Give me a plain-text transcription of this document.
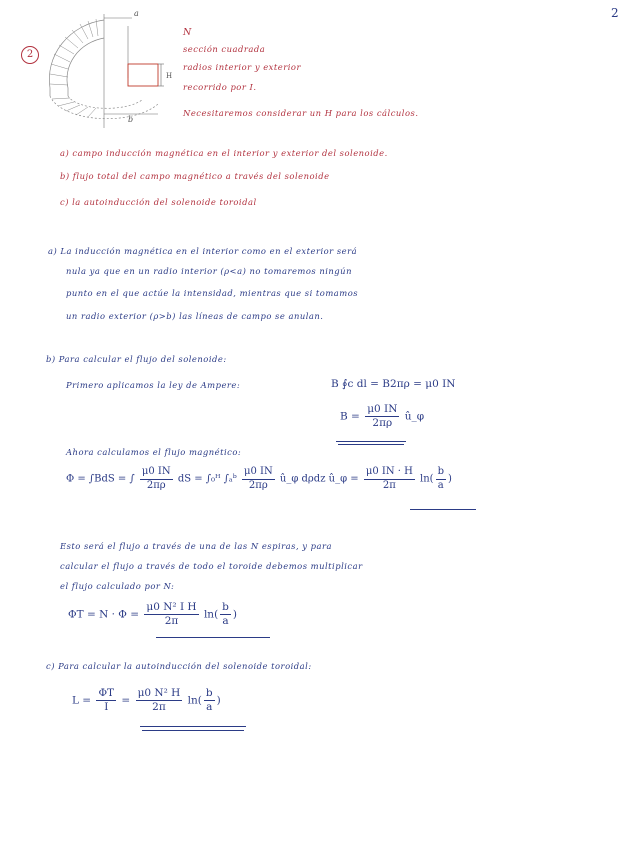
2
2
a
b
H
N
sección cuadrada
radios interior y exterior
recorrido por I.
Necesitaremos considerar un H para los cálculos.
a) campo inducción magnética en el interior y exterior del solenoide.
b) flujo total del campo magnético a través del solenoide
c) la autoinducción del solenoide toroidal
a) La inducción magnética en el interior como en el exterior será
nula ya que en un radio interior (ρ<a) no tomaremos ningún
punto en el que actúe la intensidad, mientras que si tomamos
un radio exterior (ρ>b) las líneas de campo se anulan.
b) Para calcular el flujo del solenoide:
Primero aplicamos la ley de Ampere:	B ∮c dl = B2πρ = μ0 IN
$B = \frac{\mu 0 IN}{2\pi\rho}$ û_φ
Ahora calculamos el flujo magnético:
Φ = ∫BdS = ∫ $\frac{\mu 0 IN}{2\pi\rho}$ dS = ∫₀ᴴ ∫ₐᵇ $\frac{\mu 0 IN}{2\pi\rho}$ û_φ dρdz û_φ = $\frac{\mu 0 IN \cdot H}{2\pi} \ln( \frac{b}{a}$ )
Esto será el flujo a través de una de las N espiras, y para
calcular el flujo a través de todo el toroide debemos multiplicar
el flujo calculado por N:
$\Phi T = N \cdot \Phi = \frac{\text{μ0 N² I H}}{2\pi} \ln( \frac{b}{a}$ )
c) Para calcular la autoinducción del solenoide toroidal:
$L = \frac{\Phi T}{I} = \frac{\text{μ0 N² H}}{2\pi} \ln( \frac{b}{a}$ )
